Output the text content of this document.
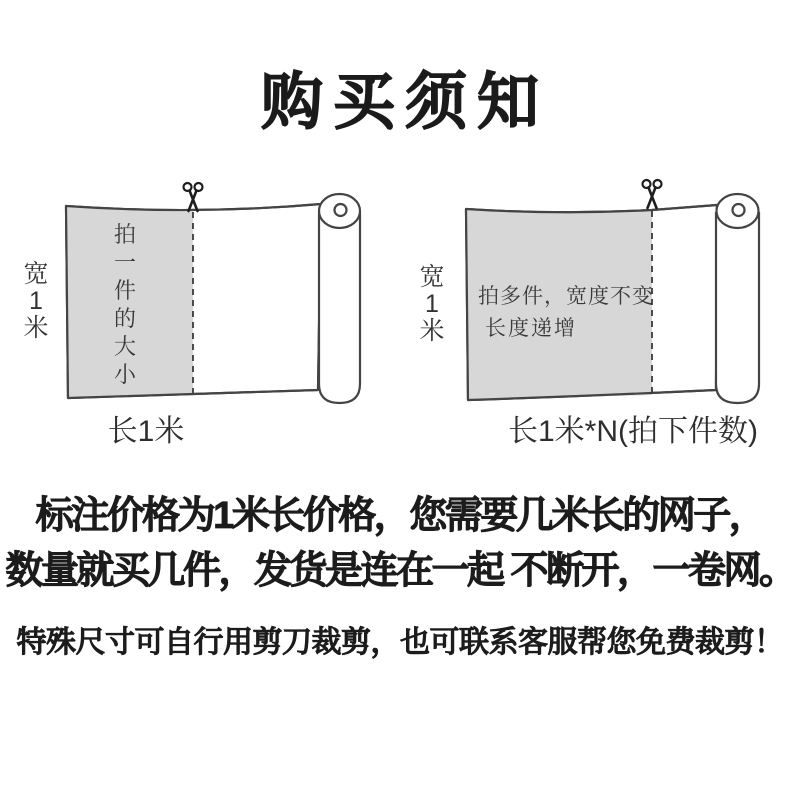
购买须知
宽1米
拍一件的大小
长1米
宽1米
拍多件，宽度不变
长度递增
长1米*N(拍下件数)
标注价格为1米长价格，您需要几米长的网子，
数量就买几件，发货是连在一起 不断开，一卷网。
特殊尺寸可自行用剪刀裁剪，也可联系客服帮您免费裁剪！
